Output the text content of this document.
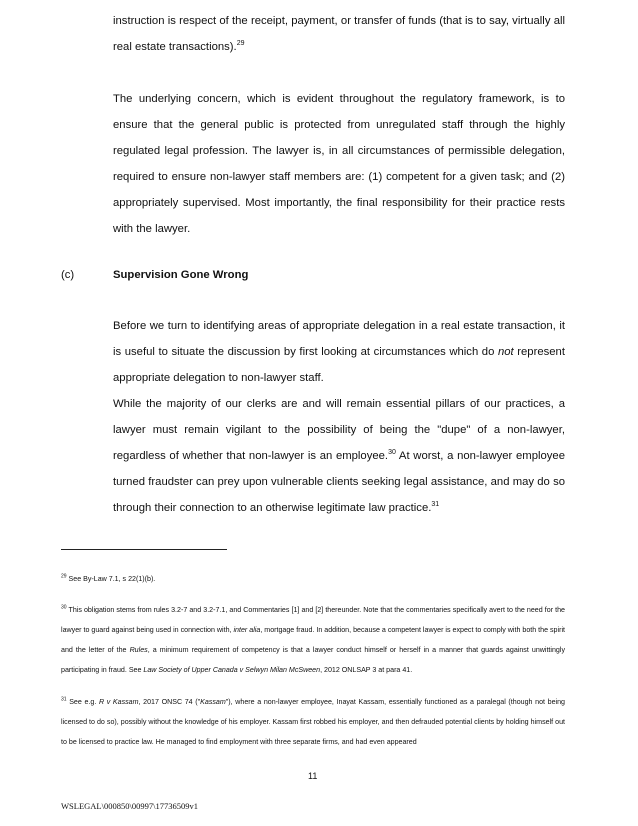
instruction is respect of the receipt, payment, or transfer of funds (that is to say, virtually all real estate transactions).$^{29}$

The underlying concern, which is evident throughout the regulatory framework, is to ensure that the general public is protected from unregulated staff through the highly regulated legal profession. The lawyer is, in all circumstances of permissible delegation, required to ensure non-lawyer staff members are: (1) competent for a given task; and (2) appropriately supervised. Most importantly, the final responsibility for their practice rests with the lawyer.

(c)	Supervision Gone Wrong

Before we turn to identifying areas of appropriate delegation in a real estate transaction, it is useful to situate the discussion by first looking at circumstances which do not represent appropriate delegation to non-lawyer staff.

While the majority of our clerks are and will remain essential pillars of our practices, a lawyer must remain vigilant to the possibility of being the "dupe" of a non-lawyer, regardless of whether that non-lawyer is an employee.$^{30}$ At worst, a non-lawyer employee turned fraudster can prey upon vulnerable clients seeking legal assistance, and may do so through their connection to an otherwise legitimate law practice.$^{31}$

$^{29}$ See By-Law 7.1, s 22(1)(b).

$^{30}$ This obligation stems from rules 3.2-7 and 3.2-7.1, and Commentaries [1] and [2] thereunder. Note that the commentaries specifically avert to the need for the lawyer to guard against being used in connection with, inter alia, mortgage fraud. In addition, because a competent lawyer is expect to comply with both the spirit and the letter of the Rules, a minimum requirement of competency is that a lawyer conduct himself or herself in a manner that guards against unwittingly participating in fraud. See Law Society of Upper Canada v Selwyn Milan McSween, 2012 ONLSAP 3 at para 41.

$^{31}$ See e.g. R v Kassam, 2017 ONSC 74 ("Kassam"), where a non-lawyer employee, Inayat Kassam, essentially functioned as a paralegal (though not being licensed to do so), possibly without the knowledge of his employer. Kassam first robbed his employer, and then defrauded potential clients by holding himself out to be licensed to practice law. He managed to find employment with three separate firms, and had even appeared

11
WSLEGAL\000850\00997\17736509v1
